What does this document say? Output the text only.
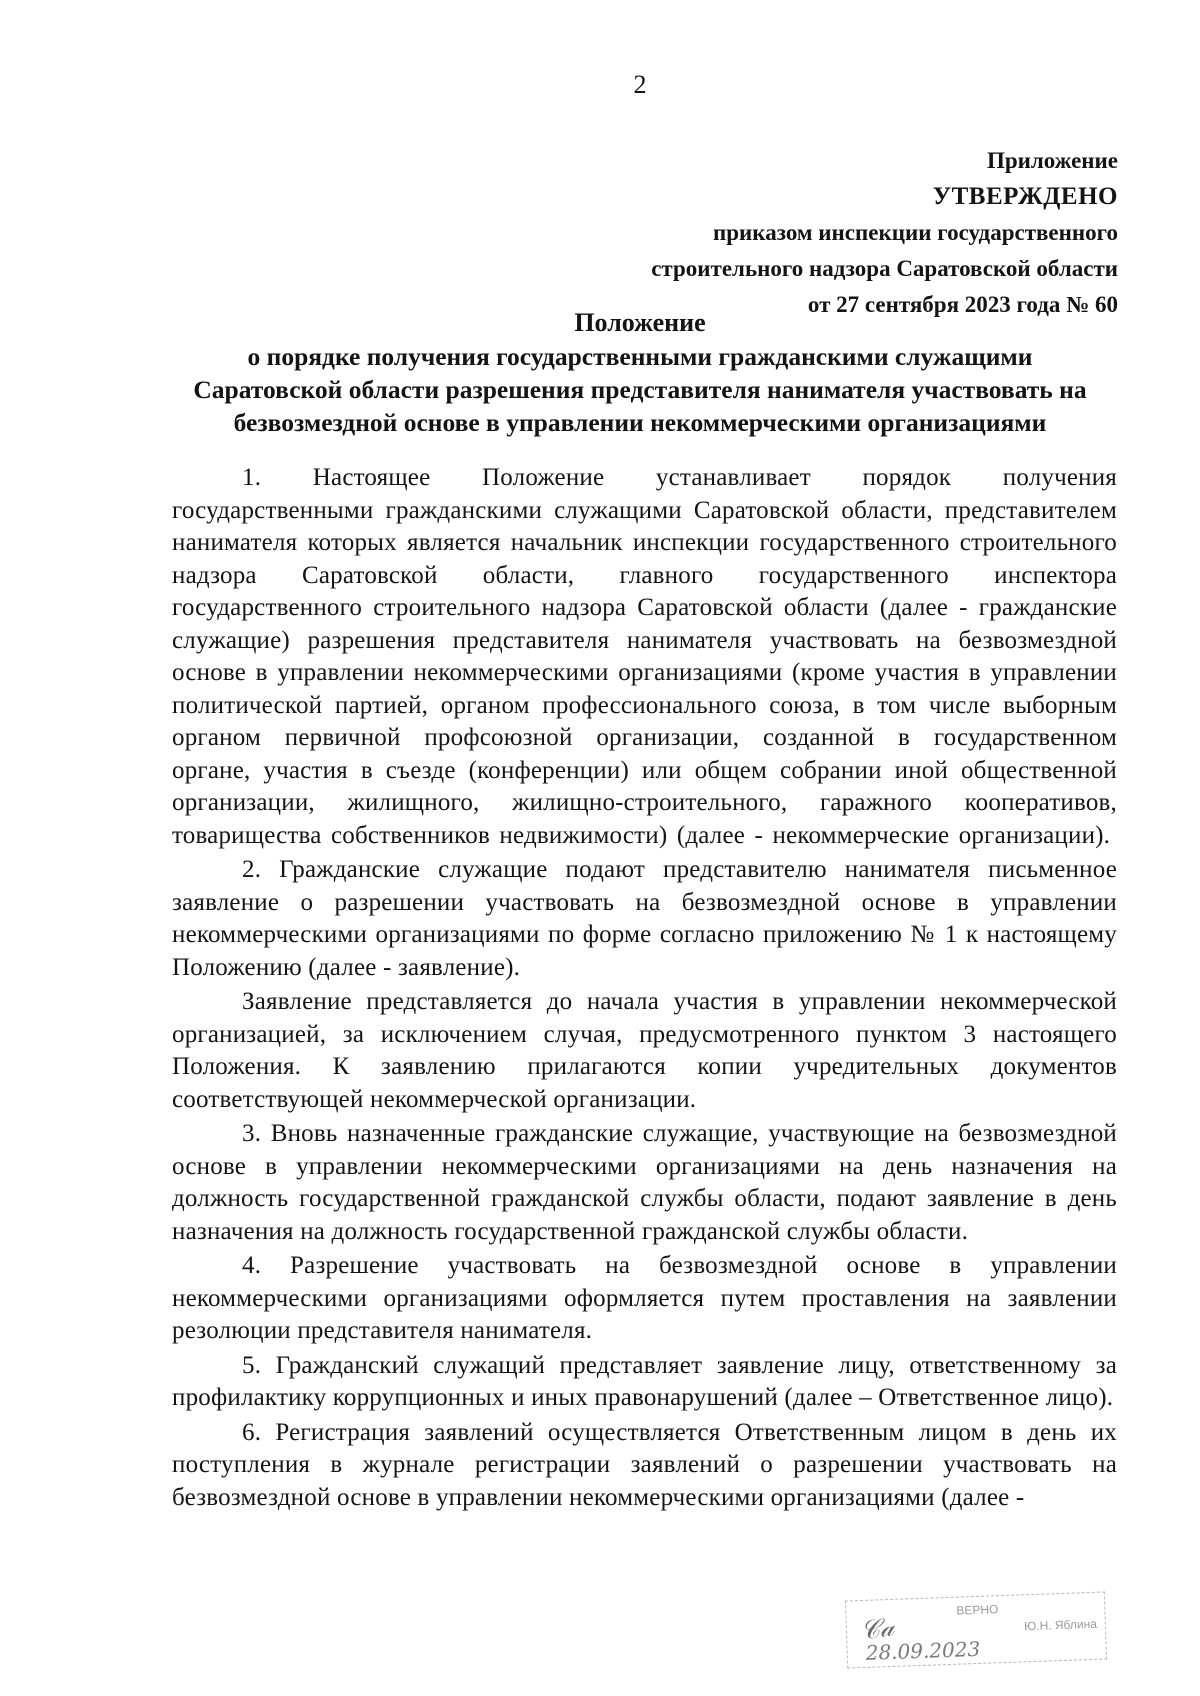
2
Приложение
УТВЕРЖДЕНО
приказом инспекции государственного
строительного надзора Саратовской области
от 27 сентября 2023 года № 60
Положение
о порядке получения государственными гражданскими служащими Саратовской области разрешения представителя нанимателя участвовать на безвозмездной основе в управлении некоммерческими организациями

1. Настоящее Положение устанавливает порядок получения государственными гражданскими служащими Саратовской области, представителем нанимателя которых является начальник инспекции государственного строительного надзора Саратовской области, главного государственного инспектора государственного строительного надзора Саратовской области (далее - гражданские служащие) разрешения представителя нанимателя участвовать на безвозмездной основе в управлении некоммерческими организациями (кроме участия в управлении политической партией, органом профессионального союза, в том числе выборным органом первичной профсоюзной организации, созданной в государственном органе, участия в съезде (конференции) или общем собрании иной общественной организации, жилищного, жилищно-строительного, гаражного кооперативов, товарищества собственников недвижимости) (далее - некоммерческие организации).

2. Гражданские служащие подают представителю нанимателя письменное заявление о разрешении участвовать на безвозмездной основе в управлении некоммерческими организациями по форме согласно приложению № 1 к настоящему Положению (далее - заявление).

Заявление представляется до начала участия в управлении некоммерческой организацией, за исключением случая, предусмотренного пунктом 3 настоящего Положения. К заявлению прилагаются копии учредительных документов соответствующей некоммерческой организации.

3. Вновь назначенные гражданские служащие, участвующие на безвозмездной основе в управлении некоммерческими организациями на день назначения на должность государственной гражданской службы области, подают заявление в день назначения на должность государственной гражданской службы области.

4. Разрешение участвовать на безвозмездной основе в управлении некоммерческими организациями оформляется путем проставления на заявлении резолюции представителя нанимателя.

5. Гражданский служащий представляет заявление лицу, ответственному за профилактику коррупционных и иных правонарушений (далее – Ответственное лицо).

6. Регистрация заявлений осуществляется Ответственным лицом в день их поступления в журнале регистрации заявлений о разрешении участвовать на безвозмездной основе в управлении некоммерческими организациями (далее -

ВЕРНО
Ю.Н. Яблина
𝒞𝒶
28.09.2023
